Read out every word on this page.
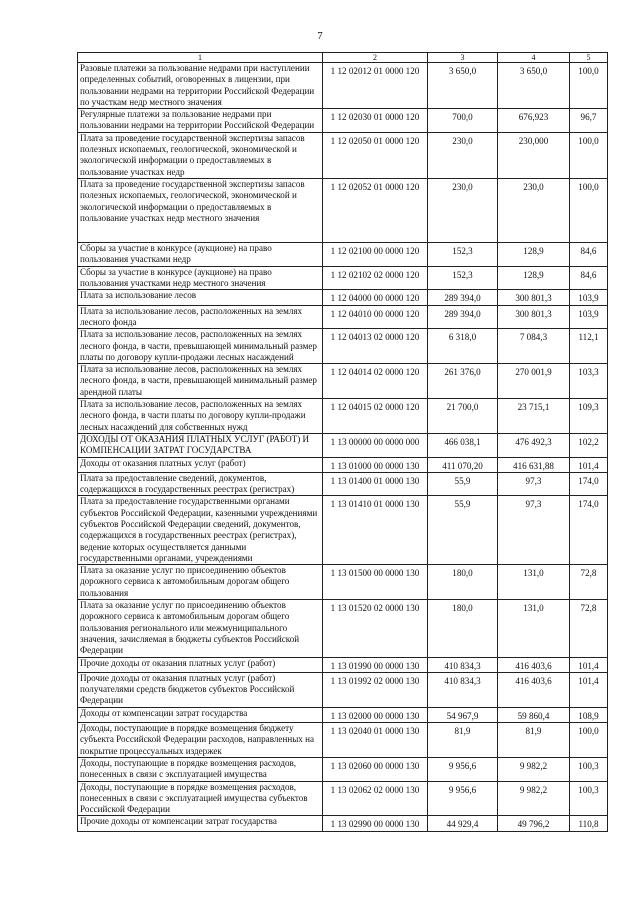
7
1	2	3	4	5
Разовые платежи за пользование недрами при наступлении определенных событий, оговоренных в лицензии, при пользовании недрами на территории Российской Федерации по участкам недр местного значения	1 12 02012 01 0000 120	3 650,0	3 650,0	100,0
Регулярные платежи за пользование недрами при пользовании недрами на территории Российской Федерации	1 12 02030 01 0000 120	700,0	676,923	96,7
Плата за проведение государственной экспертизы запасов полезных ископаемых, геологической, экономической и экологической информации о предоставляемых в пользование участках недр	1 12 02050 01 0000 120	230,0	230,000	100,0
Плата за проведение государственной экспертизы запасов полезных ископаемых, геологической, экономической и экологической информации о предоставляемых в пользование участках недр местного значения	1 12 02052 01 0000 120	230,0	230,0	100,0
Сборы за участие в конкурсе (аукционе) на право пользования участками недр	1 12 02100 00 0000 120	152,3	128,9	84,6
Сборы за участие в конкурсе (аукционе) на право пользования участками недр местного значения	1 12 02102 02 0000 120	152,3	128,9	84,6
Плата за использование лесов	1 12 04000 00 0000 120	289 394,0	300 801,3	103,9
Плата за использование лесов, расположенных на землях лесного фонда	1 12 04010 00 0000 120	289 394,0	300 801,3	103,9
Плата за использование лесов, расположенных на землях лесного фонда, в части, превышающей минимальный размер платы по договору купли-продажи лесных насаждений	1 12 04013 02 0000 120	6 318,0	7 084,3	112,1
Плата за использование лесов, расположенных на землях лесного фонда, в части, превышающей минимальный размер арендной платы	1 12 04014 02 0000 120	261 376,0	270 001,9	103,3
Плата за использование лесов, расположенных на землях лесного фонда, в части платы по договору купли-продажи лесных насаждений для собственных нужд	1 12 04015 02 0000 120	21 700,0	23 715,1	109,3
ДОХОДЫ ОТ ОКАЗАНИЯ ПЛАТНЫХ УСЛУГ (РАБОТ) И КОМПЕНСАЦИИ ЗАТРАТ ГОСУДАРСТВА	1 13 00000 00 0000 000	466 038,1	476 492,3	102,2
Доходы от оказания платных услуг (работ)	1 13 01000 00 0000 130	411 070,20	416 631,88	101,4
Плата за предоставление сведений, документов, содержащихся в государственных реестрах (регистрах)	1 13 01400 01 0000 130	55,9	97,3	174,0
Плата за предоставление государственными органами субъектов Российской Федерации, казенными учреждениями субъектов Российской Федерации сведений, документов, содержащихся в государственных реестрах (регистрах), ведение которых осуществляется данными государственными органами, учреждениями	1 13 01410 01 0000 130	55,9	97,3	174,0
Плата за оказание услуг по присоединению объектов дорожного сервиса к автомобильным дорогам общего пользования	1 13 01500 00 0000 130	180,0	131,0	72,8
Плата за оказание услуг по присоединению объектов дорожного сервиса к автомобильным дорогам общего пользования регионального или межмуниципального значения, зачисляемая в бюджеты субъектов Российской Федерации	1 13 01520 02 0000 130	180,0	131,0	72,8
Прочие доходы от оказания платных услуг (работ)	1 13 01990 00 0000 130	410 834,3	416 403,6	101,4
Прочие доходы от оказания платных услуг (работ) получателями средств бюджетов субъектов Российской Федерации	1 13 01992 02 0000 130	410 834,3	416 403,6	101,4
Доходы от компенсации затрат государства	1 13 02000 00 0000 130	54 967,9	59 860,4	108,9
Доходы, поступающие в порядке возмещения бюджету субъекта Российской Федерации расходов, направленных на покрытие процессуальных издержек	1 13 02040 01 0000 130	81,9	81,9	100,0
Доходы, поступающие в порядке возмещения расходов, понесенных в связи с эксплуатацией имущества	1 13 02060 00 0000 130	9 956,6	9 982,2	100,3
Доходы, поступающие в порядке возмещения расходов, понесенных в связи с эксплуатацией имущества субъектов Российской Федерации	1 13 02062 02 0000 130	9 956,6	9 982,2	100,3
Прочие доходы от компенсации затрат государства	1 13 02990 00 0000 130	44 929,4	49 796,2	110,8
